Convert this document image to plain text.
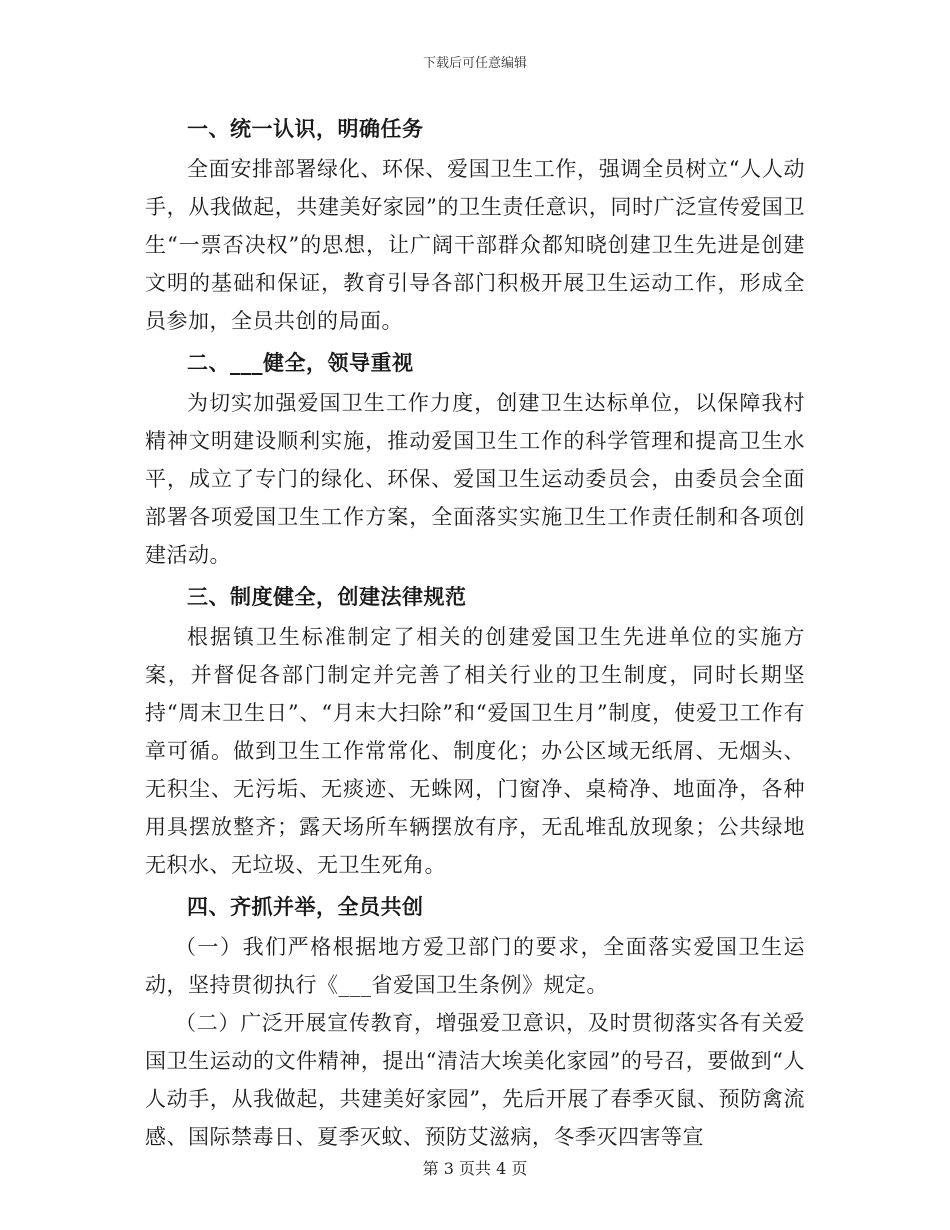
下载后可任意编辑

一、统一认识，明确任务

全面安排部署绿化、环保、爱国卫生工作，强调全员树立“人人动手，从我做起，共建美好家园”的卫生责任意识，同时广泛宣传爱国卫生“一票否决权”的思想，让广阔干部群众都知晓创建卫生先进是创建文明的基础和保证，教育引导各部门积极开展卫生运动工作，形成全员参加，全员共创的局面。

二、___健全，领导重视

为切实加强爱国卫生工作力度，创建卫生达标单位，以保障我村精神文明建设顺利实施，推动爱国卫生工作的科学管理和提高卫生水平，成立了专门的绿化、环保、爱国卫生运动委员会，由委员会全面部署各项爱国卫生工作方案，全面落实实施卫生工作责任制和各项创建活动。

三、制度健全，创建法律规范

根据镇卫生标准制定了相关的创建爱国卫生先进单位的实施方案，并督促各部门制定并完善了相关行业的卫生制度，同时长期坚持“周末卫生日”、“月末大扫除”和“爱国卫生月”制度，使爱卫工作有章可循。做到卫生工作常常化、制度化；办公区域无纸屑、无烟头、无积尘、无污垢、无痰迹、无蛛网，门窗净、桌椅净、地面净，各种用具摆放整齐；露天场所车辆摆放有序，无乱堆乱放现象；公共绿地无积水、无垃圾、无卫生死角。

四、齐抓并举，全员共创

（一）我们严格根据地方爱卫部门的要求，全面落实爱国卫生运动，坚持贯彻执行《___省爱国卫生条例》规定。

（二）广泛开展宣传教育，增强爱卫意识，及时贯彻落实各有关爱国卫生运动的文件精神，提出“清洁大埃美化家园”的号召，要做到“人人动手，从我做起，共建美好家园”，先后开展了春季灭鼠、预防禽流感、国际禁毒日、夏季灭蚊、预防艾滋病，冬季灭四害等宣

第 3 页共 4 页
